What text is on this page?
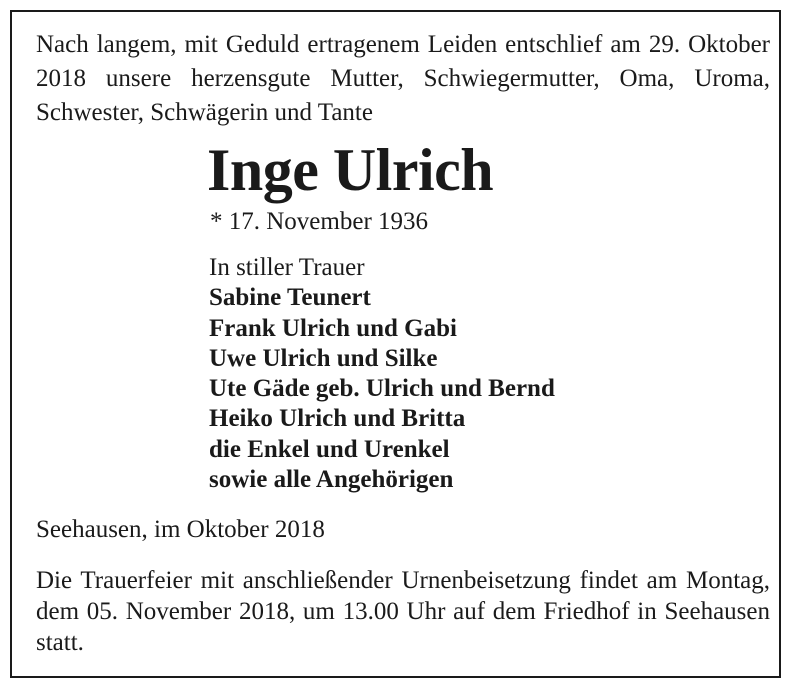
Nach langem, mit Geduld ertragenem Leiden entschlief am 29. Oktober 2018 unsere herzensgute Mutter, Schwiegermutter, Oma, Uroma, Schwester, Schwägerin und Tante

Inge Ulrich

* 17. November 1936

In stiller Trauer
Sabine Teunert
Frank Ulrich und Gabi
Uwe Ulrich und Silke
Ute Gäde geb. Ulrich und Bernd
Heiko Ulrich und Britta
die Enkel und Urenkel
sowie alle Angehörigen

Seehausen, im Oktober 2018

Die Trauerfeier mit anschließender Urnenbeisetzung findet am Montag, dem 05. November 2018, um 13.00 Uhr auf dem Friedhof in Seehausen statt.
